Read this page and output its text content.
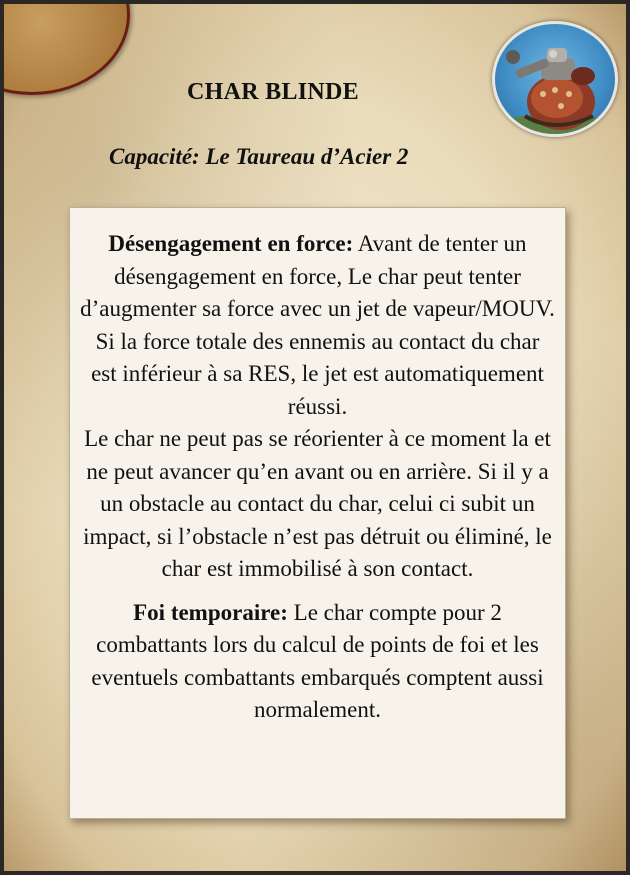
CHAR BLINDE
Capacité: Le Taureau d’Acier 2

Désengagement en force: Avant de tenter un désengagement en force, Le char peut tenter d’augmenter sa force avec un jet de vapeur/MOUV.
Si la force totale des ennemis au contact du char est inférieur à sa RES, le jet est automatiquement réussi.
Le char ne peut pas se réorienter à ce moment la et ne peut avancer qu’en avant ou en arrière. Si il y a un obstacle au contact du char, celui ci subit un impact, si l’obstacle n’est pas détruit ou éliminé, le char est immobilisé à son contact.

Foi temporaire: Le char compte pour 2 combattants lors du calcul de points de foi et les eventuels combattants embarqués comptent aussi normalement.
